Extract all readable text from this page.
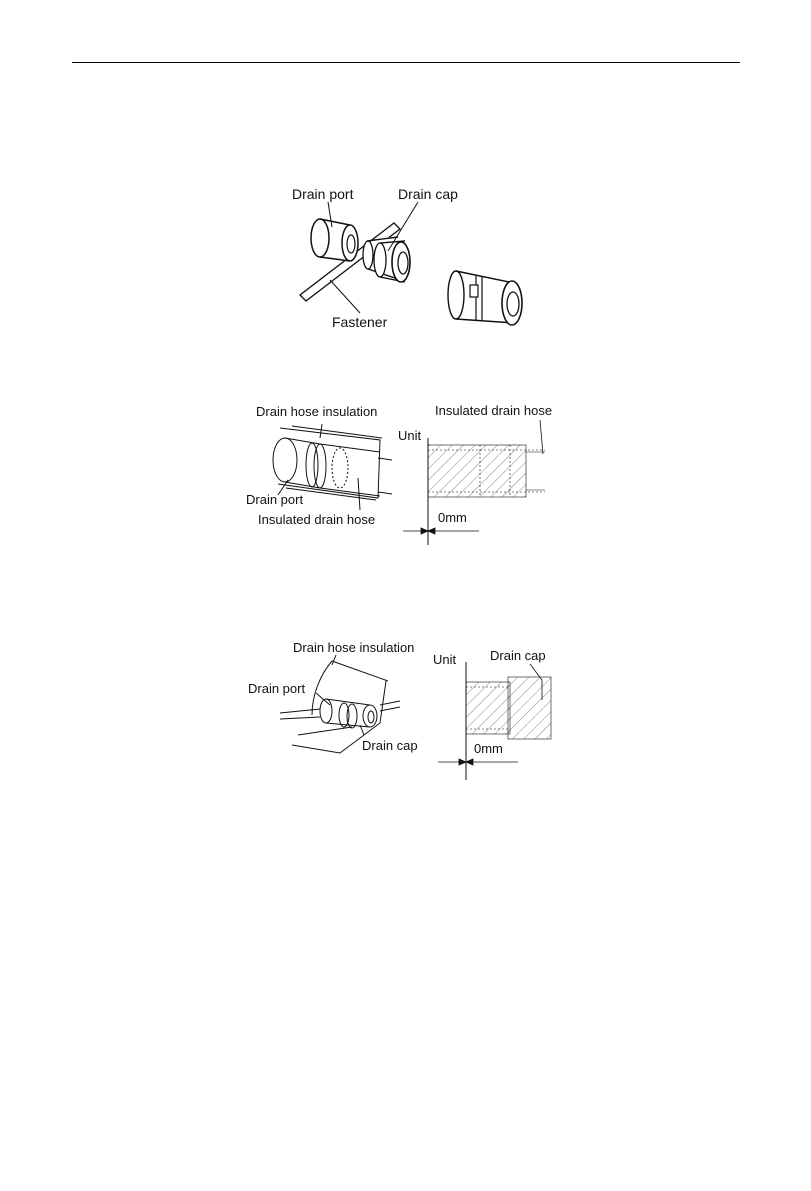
Drain port	Drain cap
Fastener
Drain hose insulation
Drain port
Insulated drain hose
Insulated drain hose
Unit
0mm
Drain hose insulation
Drain port
Drain cap
Unit	Drain cap
0mm
